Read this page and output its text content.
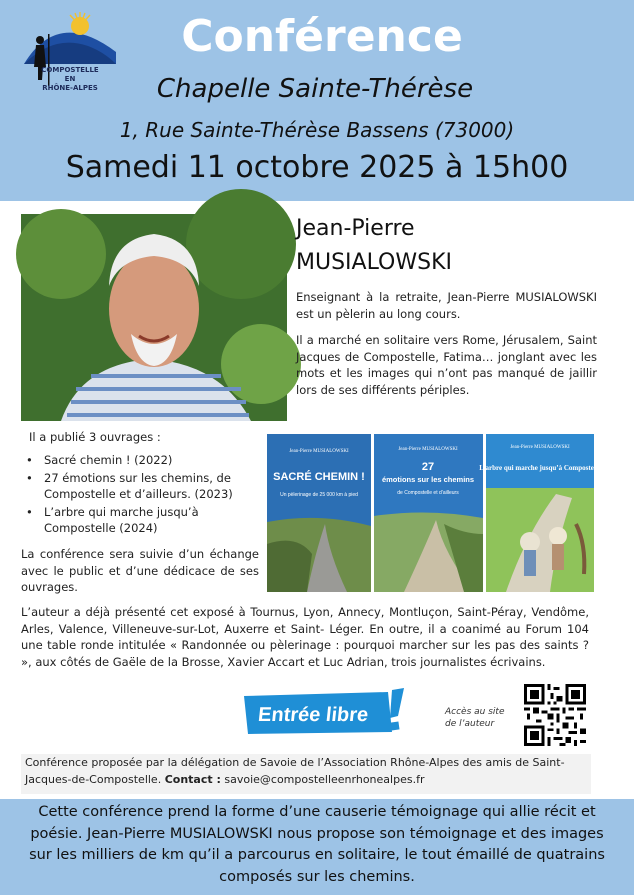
COMPOSTELLE
EN
RHÔNE-ALPES
Conférence
Chapelle Sainte-Thérèse
1, Rue Sainte-Thérèse Bassens (73000)
Samedi 11 octobre 2025 à 15h00
Jean-Pierre
MUSIALOWSKI
Enseignant à la retraite, Jean-Pierre MUSIALOWSKI est un pèlerin au long cours.
Il a marché en solitaire vers Rome, Jérusalem, Saint Jacques de Compostelle, Fatima… jonglant avec les mots et les images qui n’ont pas manqué de jaillir lors de ses différents périples.
Il a publié 3 ouvrages :
• Sacré chemin ! (2022)
• 27 émotions sur les chemins, de Compostelle et d’ailleurs. (2023)
• L’arbre qui marche jusqu’à Compostelle (2024)
La conférence sera suivie d’un échange avec le public et d’une dédicace de ses ouvrages.
Jean-Pierre MUSIALOWSKI
SACRÉ CHEMIN !
Un pèlerinage de 25 000 km à pied
Jean-Pierre MUSIALOWSKI
27
émotions sur les chemins
de Compostelle et d’ailleurs
Jean-Pierre MUSIALOWSKI
L’arbre qui marche jusqu’à Compostelle
L’auteur a déjà présenté cet exposé à Tournus, Lyon, Annecy, Montluçon, Saint-Péray, Vendôme, Arles, Valence, Villeneuve-sur-Lot, Auxerre et Saint- Léger. En outre, il a coanimé au Forum 104 une table ronde intitulée « Randonnée ou pèlerinage : pourquoi marcher sur les pas des saints ? », aux côtés de Gaële de la Brosse, Xavier Accart et Luc Adrian, trois journalistes écrivains.
Entrée libre	Accès au site
de l’auteur
Conférence proposée par la délégation de Savoie de l’Association Rhône-Alpes des amis de Saint-Jacques-de-Compostelle. Contact : savoie@compostelleenrhonealpes.fr
Cette conférence prend la forme d’une causerie témoignage qui allie récit et poésie. Jean-Pierre MUSIALOWSKI nous propose son témoignage et des images sur les milliers de km qu’il a parcourus en solitaire, le tout émaillé de quatrains composés sur les chemins.
